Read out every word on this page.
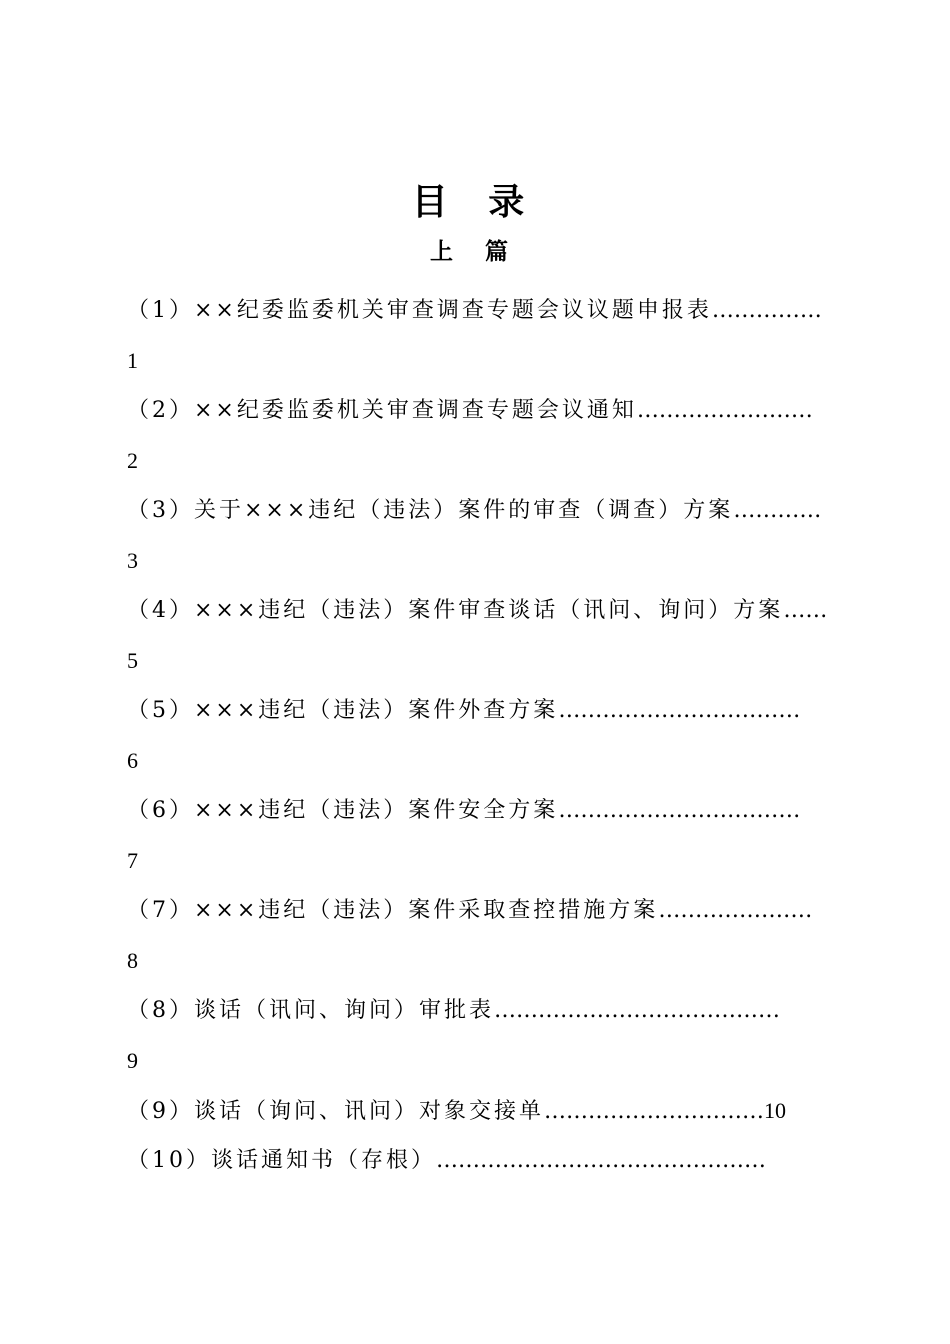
目 录
上 篇
（1）××纪委监委机关审查调查专题会议议题申报表……………
1
（2）××纪委监委机关审查调查专题会议通知……………………
2
（3）关于×××违纪（违法）案件的审查（调查）方案…………
3
（4）×××违纪（违法）案件审查谈话（讯问、询问）方案……
5
（5）×××违纪（违法）案件外查方案……………………………
6
（6）×××违纪（违法）案件安全方案……………………………
7
（7）×××违纪（违法）案件采取查控措施方案…………………
8
（8）谈话（讯问、询问）审批表…………………………………
9
（9）谈话（询问、讯问）对象交接单…………………………10
（10）谈话通知书（存根）………………………………………
